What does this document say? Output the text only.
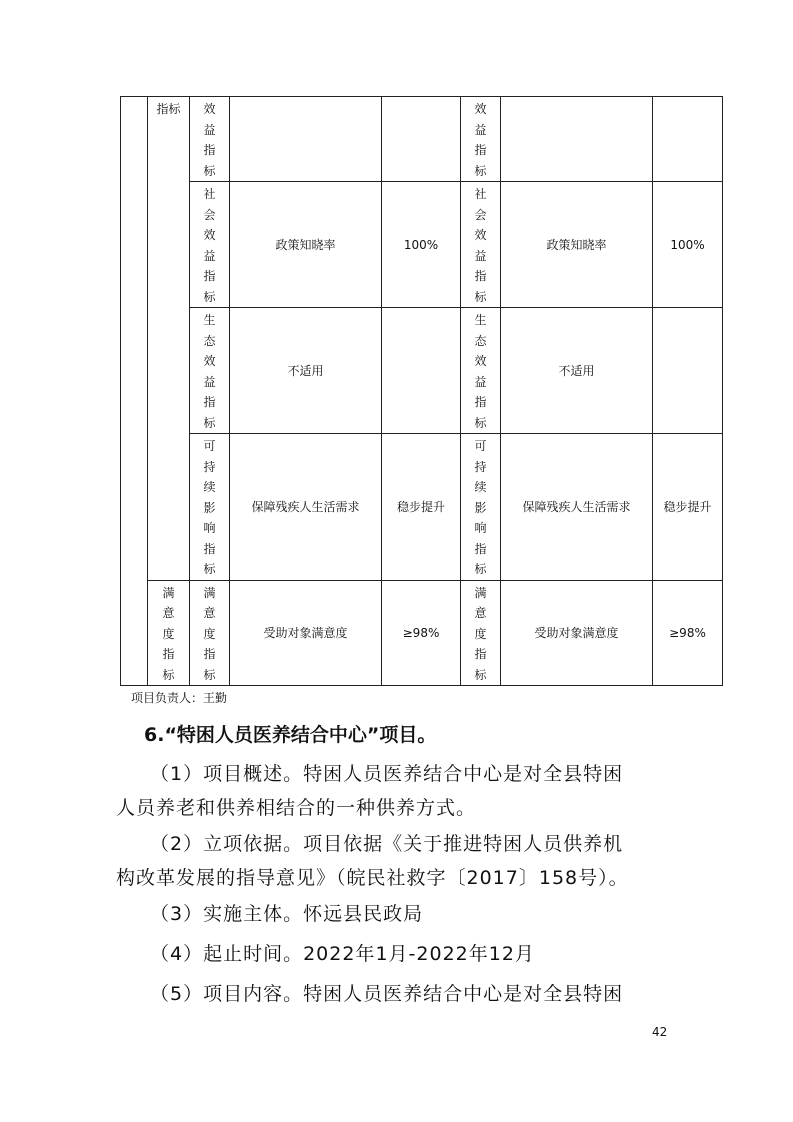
	指标	效益指标			效益指标		

		社会效益指标	政策知晓率	100%	社会效益指标	政策知晓率	100%

		生态效益指标	不适用		生态效益指标	不适用	

		可持续影响指标	保障残疾人生活需求	稳步提升	可持续影响指标	保障残疾人生活需求	稳步提升

	满意度指标	满意度指标	受助对象满意度	≥98%	满意度指标	受助对象满意度	≥98%
项目负责人：王勤
6.“特困人员医养结合中心”项目。
（1）项目概述。特困人员医养结合中心是对全县特困
人员养老和供养相结合的一种供养方式。
（2）立项依据。项目依据《关于推进特困人员供养机
构改革发展的指导意见》（皖民社救字〔2017〕158号）。
（3）实施主体。怀远县民政局
（4）起止时间。2022年1月-2022年12月
（5）项目内容。特困人员医养结合中心是对全县特困
42
